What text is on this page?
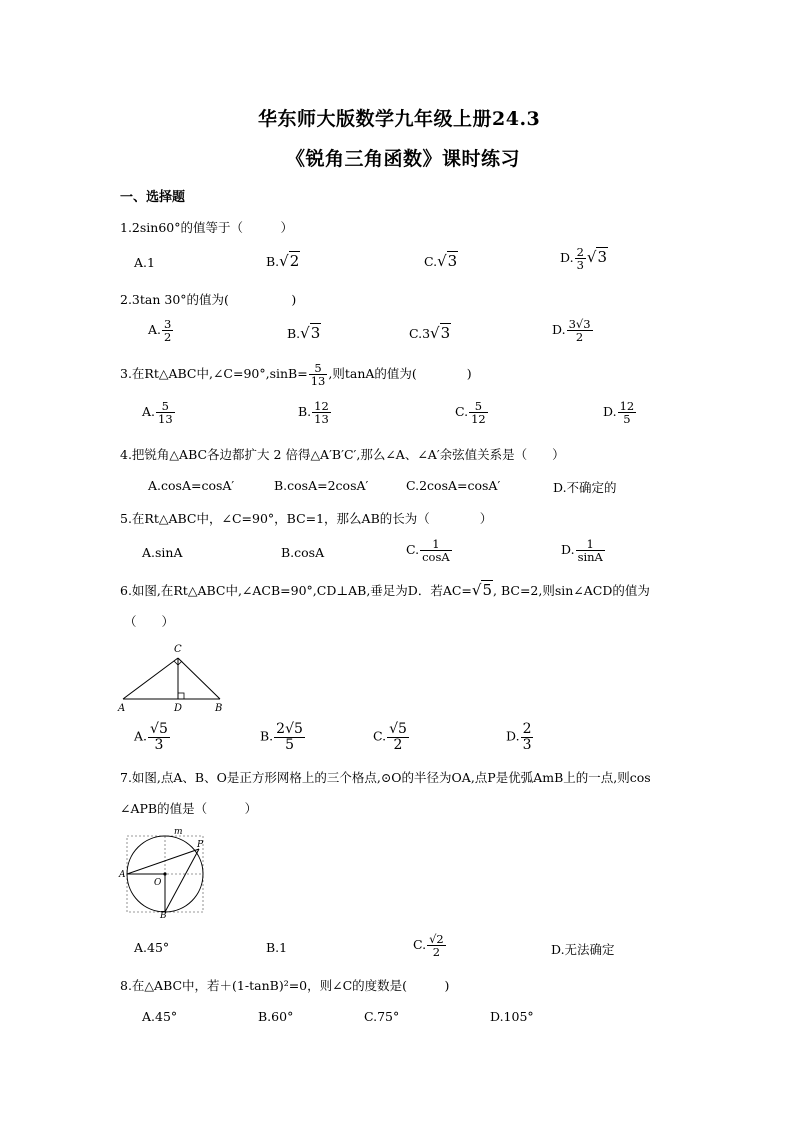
华东师大版数学九年级上册24.3
《锐角三角函数》课时练习
一、选择题
1.2sin60°的值等于（　　　）
A.1	B.√2	C.√3	D. $\frac{2}{3} √3$
2.3tan 30°的值为(　　　　　)
A. $\frac{3}{2}$	B.√3	C.3√3	D. $\frac{3√3}{2}$
3.在Rt△ABC中,∠C=90°,sinB= $\frac{5}{13}$ ,则tanA的值为(　　　　)
A. $\frac{5}{13}$	B. $\frac{12}{13}$	C. $\frac{5}{12}$	D. $\frac{12}{5}$
4.把锐角△ABC各边都扩大 2 倍得△A′B′C′,那么∠A、∠A′余弦值关系是（　　）
A.cosA=cosA′	B.cosA=2cosA′	C.2cosA=cosA′	D.不确定的
5.在Rt△ABC中，∠C=90°，BC=1，那么AB的长为（　　　　）
A.sinA	B.cosA	C. $\frac{1}{\cos A}$	D. $\frac{1}{\sin A}$
6.如图,在Rt△ABC中,∠ACB=90°,CD⊥AB,垂足为D．若AC=√5, BC=2,则sin∠ACD的值为
（　　）
C
A	D	B
A. $\frac{√5}{3}$	B. $\frac{2√5}{5}$	C. $\frac{√5}{2}$	D. $\frac{2}{3}$
7.如图,点A、B、O是正方形网格上的三个格点,⊙O的半径为OA,点P是优弧AmB上的一点,则cos
∠APB的值是（　　　）
m
P
A
O
B
A.45°	B.1	C. $\frac{√2}{2}$	D.无法确定
8.在△ABC中，若＋(1-tanB)²=0，则∠C的度数是(　　　)
A.45°	B.60°	C.75°	D.105°
